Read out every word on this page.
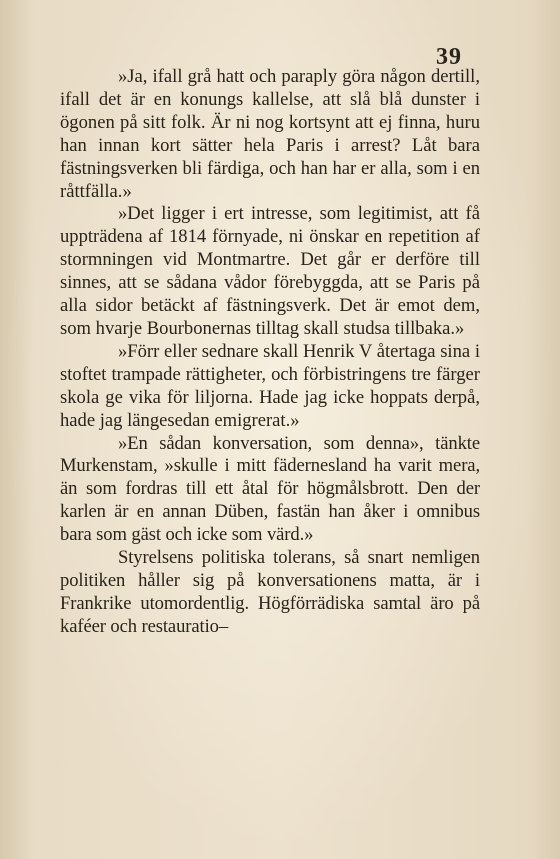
39

»Ja, ifall grå hatt och paraply göra någon dertill, ifall det är en konungs kallelse, att slå blå dunster i ögonen på sitt folk. Är ni nog kortsynt att ej finna, huru han innan kort sätter hela Paris i arrest? Låt bara fästningsverken bli färdiga, och han har er alla, som i en råttfälla.»

»Det ligger i ert intresse, som legitimist, att få uppträdena af 1814 förnyade, ni önskar en repetition af stormningen vid Montmartre. Det går er derföre till sinnes, att se sådana vådor förebyggda, att se Paris på alla sidor betäckt af fästningsverk. Det är emot dem, som hvarje Bourbonernas tilltag skall studsa tillbaka.»

»Förr eller sednare skall Henrik V återtaga sina i stoftet trampade rättigheter, och förbistringens tre färger skola ge vika för liljorna. Hade jag icke hoppats derpå, hade jag längesedan emigrerat.»

»En sådan konversation, som denna», tänkte Murkenstam, »skulle i mitt fädernesland ha varit mera, än som fordras till ett åtal för högmålsbrott. Den der karlen är en annan Düben, fastän han åker i omnibus bara som gäst och icke som värd.»

Styrelsens politiska tolerans, så snart nemligen politiken håller sig på konversationens matta, är i Frankrike utomordentlig. Högförrädiska samtal äro på kaféer och restauratio–
